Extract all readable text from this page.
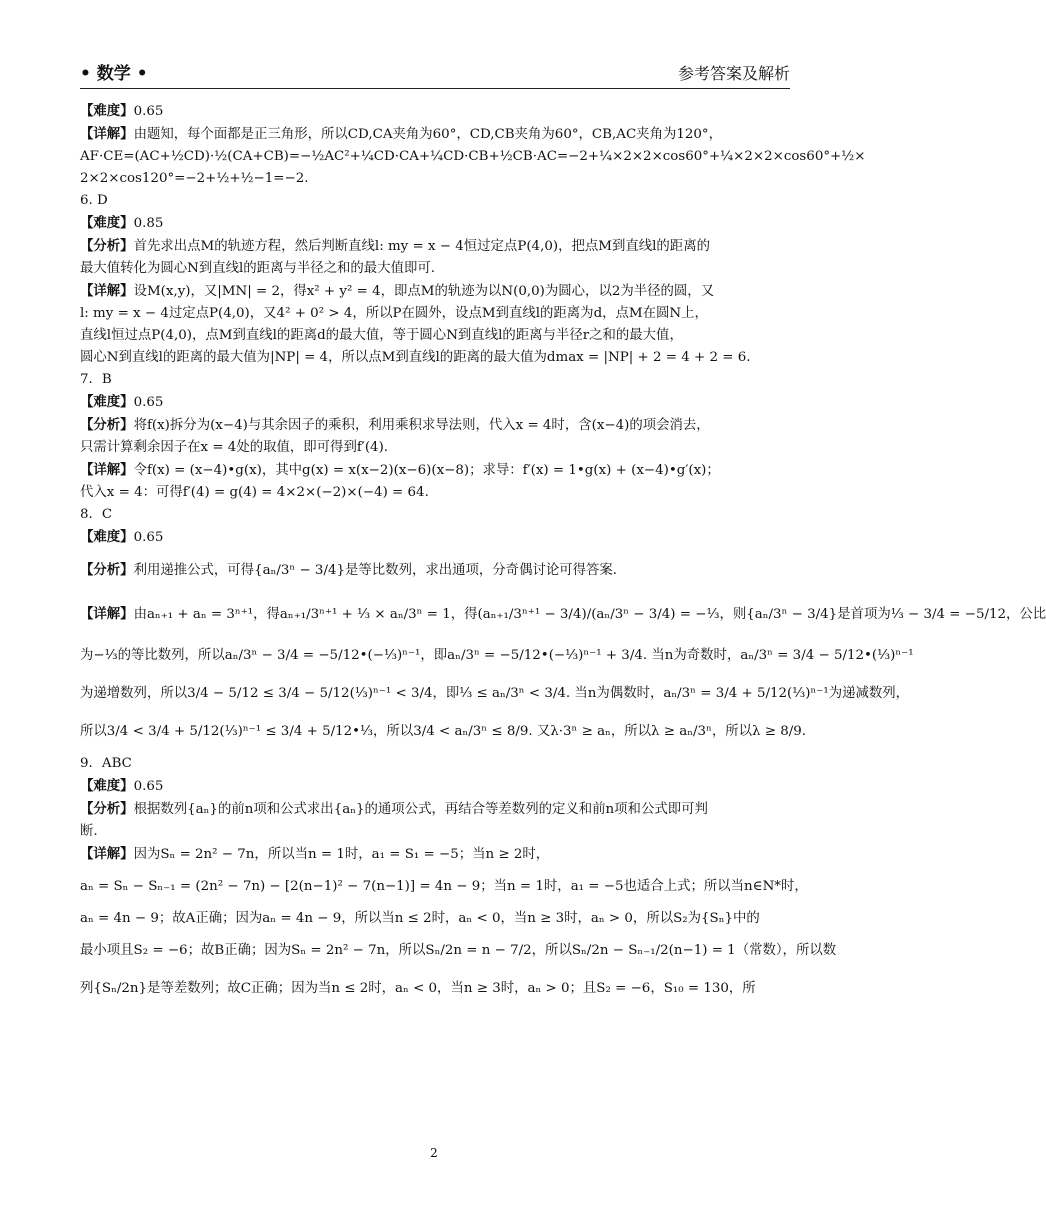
• 数学 •	参考答案及解析

【难度】0.65

【详解】由题知，每个面都是正三角形，所以CD,CA夹角为60°，CD,CB夹角为60°，CB,AC夹角为120°，

AF·CE=(AC+½CD)·½(CA+CB)=−½AC²+¼CD·CA+¼CD·CB+½CB·AC=−2+¼×2×2×cos60°+¼×2×2×cos60°+½×

2×2×cos120°=−2+½+½−1=−2.

6. D

【难度】0.85

【分析】首先求出点M的轨迹方程，然后判断直线l: my = x − 4恒过定点P(4,0)，把点M到直线l的距离的

最大值转化为圆心N到直线l的距离与半径之和的最大值即可.

【详解】设M(x,y)，又|MN| = 2，得x² + y² = 4，即点M的轨迹为以N(0,0)为圆心，以2为半径的圆，又

l: my = x − 4过定点P(4,0)，又4² + 0² > 4，所以P在圆外，设点M到直线l的距离为d，点M在圆N上，

直线l恒过点P(4,0)，点M到直线l的距离d的最大值，等于圆心N到直线l的距离与半径r之和的最大值，

圆心N到直线l的距离的最大值为|NP| = 4，所以点M到直线l的距离的最大值为dmax = |NP| + 2 = 4 + 2 = 6.

7．B

【难度】0.65

【分析】将f(x)拆分为(x−4)与其余因子的乘积，利用乘积求导法则，代入x = 4时，含(x−4)的项会消去，

只需计算剩余因子在x = 4处的取值，即可得到f′(4).

【详解】令f(x) = (x−4)•g(x)，其中g(x) = x(x−2)(x−6)(x−8)；求导：f′(x) = 1•g(x) + (x−4)•g′(x)；

代入x = 4：可得f′(4) = g(4) = 4×2×(−2)×(−4) = 64.

8．C

【难度】0.65

【分析】利用递推公式，可得{aₙ/3ⁿ − 3/4}是等比数列，求出通项，分奇偶讨论可得答案.

【详解】由aₙ₊₁ + aₙ = 3ⁿ⁺¹，得aₙ₊₁/3ⁿ⁺¹ + ⅓ × aₙ/3ⁿ = 1，得(aₙ₊₁/3ⁿ⁺¹ − 3/4)/(aₙ/3ⁿ − 3/4) = −⅓，则{aₙ/3ⁿ − 3/4}是首项为⅓ − 3/4 = −5/12，公比

为−⅓的等比数列，所以aₙ/3ⁿ − 3/4 = −5/12•(−⅓)ⁿ⁻¹，即aₙ/3ⁿ = −5/12•(−⅓)ⁿ⁻¹ + 3/4. 当n为奇数时，aₙ/3ⁿ = 3/4 − 5/12•(⅓)ⁿ⁻¹

为递增数列，所以3/4 − 5/12 ≤ 3/4 − 5/12(⅓)ⁿ⁻¹ < 3/4，即⅓ ≤ aₙ/3ⁿ < 3/4. 当n为偶数时，aₙ/3ⁿ = 3/4 + 5/12(⅓)ⁿ⁻¹为递减数列，

所以3/4 < 3/4 + 5/12(⅓)ⁿ⁻¹ ≤ 3/4 + 5/12•⅓，所以3/4 < aₙ/3ⁿ ≤ 8/9. 又λ·3ⁿ ≥ aₙ，所以λ ≥ aₙ/3ⁿ，所以λ ≥ 8/9.

9．ABC

【难度】0.65

【分析】根据数列{aₙ}的前n项和公式求出{aₙ}的通项公式，再结合等差数列的定义和前n项和公式即可判

断.

【详解】因为Sₙ = 2n² − 7n，所以当n = 1时，a₁ = S₁ = −5；当n ≥ 2时，

aₙ = Sₙ − Sₙ₋₁ = (2n² − 7n) − [2(n−1)² − 7(n−1)] = 4n − 9；当n = 1时，a₁ = −5也适合上式；所以当n∈N*时，

aₙ = 4n − 9；故A正确；因为aₙ = 4n − 9，所以当n ≤ 2时，aₙ < 0，当n ≥ 3时，aₙ > 0，所以S₂为{Sₙ}中的

最小项且S₂ = −6；故B正确；因为Sₙ = 2n² − 7n，所以Sₙ/2n = n − 7/2，所以Sₙ/2n − Sₙ₋₁/2(n−1) = 1（常数），所以数

列{Sₙ/2n}是等差数列；故C正确；因为当n ≤ 2时，aₙ < 0，当n ≥ 3时，aₙ > 0；且S₂ = −6，S₁₀ = 130，所

2
